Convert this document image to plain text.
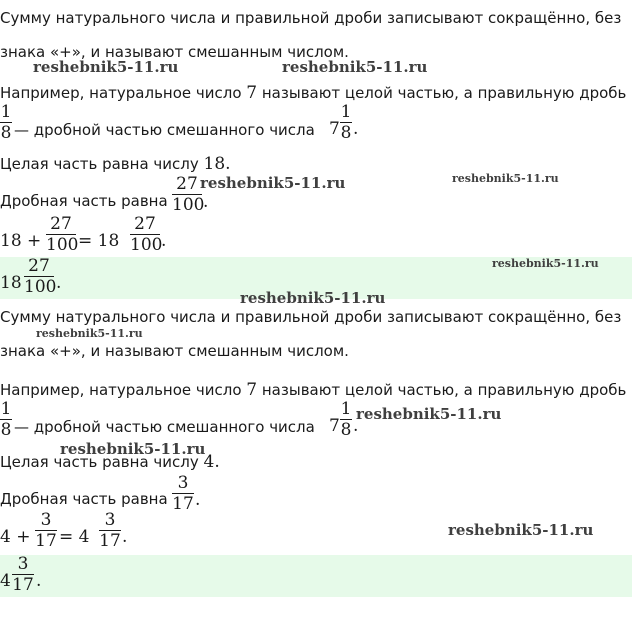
Сумму натурального числа и правильной дроби записывают сокращённо, без
знака «+», и называют смешанным числом.
Например, натуральное число 7 называют целой частью, а правильную дробь
1
8 — дробной частью смешанного числа 7
1
8 .
Целая часть равна числу 18.
Дробная часть равна
27
100
.
18 +
27
100 = 18
27
100
.
18
27
100 .
Сумму натурального числа и правильной дроби записывают сокращённо, без
знака «+», и называют смешанным числом.
Например, натуральное число 7 называют целой частью, а правильную дробь
1
8 — дробной частью смешанного числа 7
1
8 .
Целая часть равна числу 4.
Дробная часть равна
3
17 .
4 +
3
17 = 4
3
17 .
4
3
17 .
reshebnik5-11.ru	reshebnik5-11.ru
reshebnik5-11.ru	reshebnik5-11.ru
reshebnik5-11.ru
reshebnik5-11.ru
reshebnik5-11.ru
reshebnik5-11.ru
reshebnik5-11.ru
reshebnik5-11.ru
